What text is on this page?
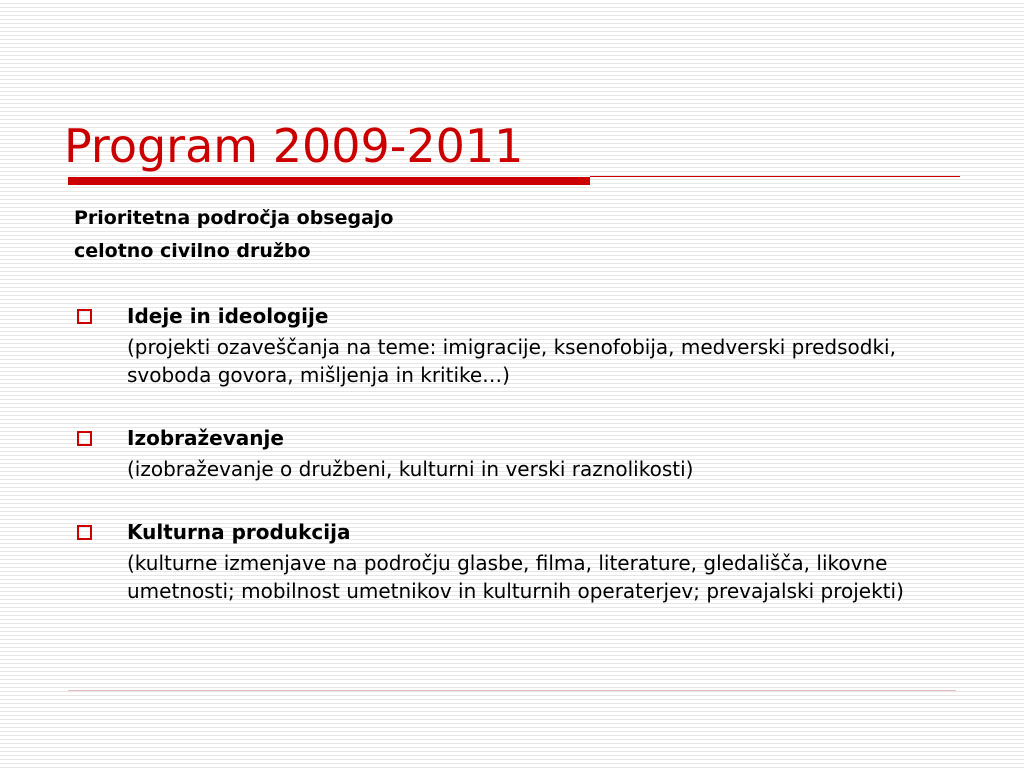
Program 2009-2011
Prioritetna področja obsegajo
celotno civilno družbo
Ideje in ideologije

(projekti ozaveščanja na teme: imigracije, ksenofobija, medverski predsodki, svoboda govora, mišljenja in kritike…)

Izobraževanje

(izobraževanje o družbeni, kulturni in verski raznolikosti)

Kulturna produkcija

(kulturne izmenjave na področju glasbe, filma, literature, gledališča, likovne umetnosti; mobilnost umetnikov in kulturnih operaterjev; prevajalski projekti)
